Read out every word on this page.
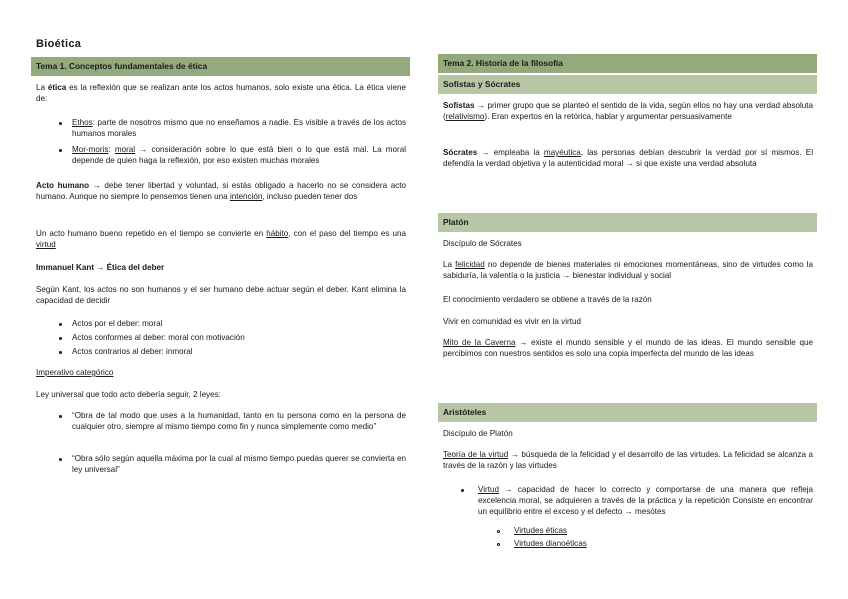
Bioética
Tema 1. Conceptos fundamentales de ética
La ética es la reflexión que se realizan ante los actos humanos, solo existe una ética. La ética viene de:
Ethos: parte de nosotros mismo que no enseñamos a nadie. Es visible a través de los actos humanos morales
Mor-moris: moral → consideración sobre lo que está bien o lo que está mal. La moral depende de quien haga la reflexión, por eso existen muchas morales
Acto humano → debe tener libertad y voluntad, si estás obligado a hacerlo no se considera acto humano. Aunque no siempre lo pensemos tienen una intención, incluso pueden tener dos
Un acto humano bueno repetido en el tiempo se convierte en hábito, con el paso del tiempo es una virtud
Immanuel Kant → Ética del deber
Según Kant, los actos no son humanos y el ser humano debe actuar según el deber. Kant elimina la capacidad de decidir
Actos por el deber: moral
Actos conformes al deber: moral con motivación
Actos contrarios al deber: inmoral
Imperativo categórico
Ley universal que todo acto debería seguir, 2 leyes:
“Obra de tal modo que uses a la humanidad, tanto en tu persona como en la persona de cualquier otro, siempre al mismo tiempo como fin y nunca simplemente como medio”
“Obra sólo según aquella máxima por la cual al mismo tiempo puedas querer se convierta en ley universal”
Tema 2. Historia de la filosofía
Sofistas y Sócrates
Sofistas → primer grupo que se planteó el sentido de la vida, según ellos no hay una verdad absoluta (relativismo). Eran expertos en la retórica, hablar y argumentar persuasivamente
Sócrates → empleaba la mayéutica, las personas debían descubrir la verdad por sí mismos. El defendía la verdad objetiva y la autenticidad moral → si que existe una verdad absoluta
Platón
Discípulo de Sócrates
La felicidad no depende de bienes materiales ni emociones momentáneas, sino de virtudes como la sabiduría, la valentía o la justicia → bienestar individual y social
El conocimiento verdadero se obtiene a través de la razón
Vivir en comunidad es vivir en la virtud
Mito de la Caverna → existe el mundo sensible y el mundo de las ideas. El mundo sensible que percibimos con nuestros sentidos es solo una copia imperfecta del mundo de las ideas
Aristóteles
Discípulo de Platón
Teoría de la virtud → búsqueda de la felicidad y el desarrollo de las virtudes. La felicidad se alcanza a través de la razón y las virtudes
Virtud → capacidad de hacer lo correcto y comportarse de una manera que refleja excelencia moral, se adquieren a través de la práctica y la repetición Consiste en encontrar un equilibrio entre el exceso y el defecto → mesótes
Virtudes éticas
Virtudes dianoéticas
